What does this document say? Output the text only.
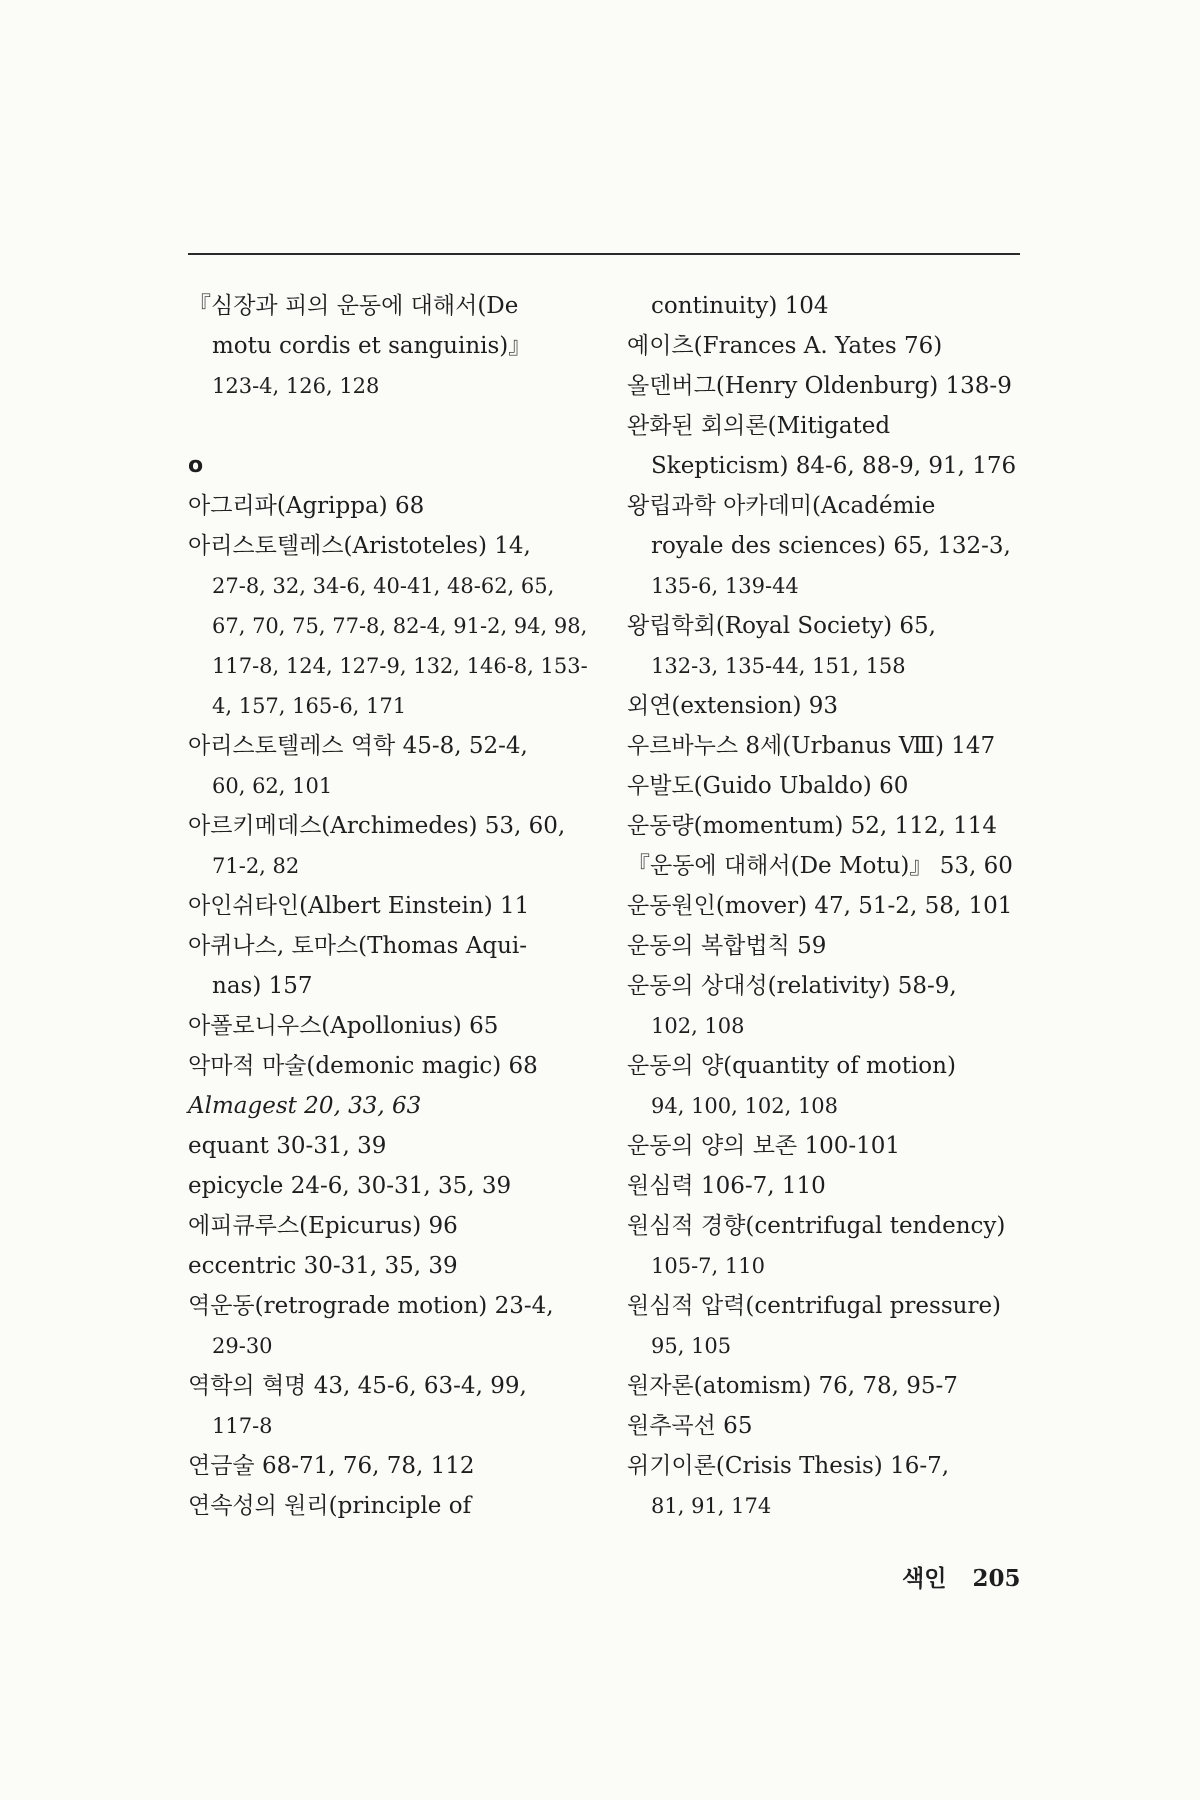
『심장과 피의 운동에 대해서(De
motu cordis et sanguinis)』
123-4, 126, 128
o
아그리파(Agrippa) 68
아리스토텔레스(Aristoteles) 14,
27-8, 32, 34-6, 40-41, 48-62, 65,
67, 70, 75, 77-8, 82-4, 91-2, 94, 98,
117-8, 124, 127-9, 132, 146-8, 153-
4, 157, 165-6, 171
아리스토텔레스 역학 45-8, 52-4,
60, 62, 101
아르키메데스(Archimedes) 53, 60,
71-2, 82
아인쉬타인(Albert Einstein) 11
아퀴나스, 토마스(Thomas Aqui-
nas) 157
아폴로니우스(Apollonius) 65
악마적 마술(demonic magic) 68
Almagest 20, 33, 63
equant 30-31, 39
epicycle 24-6, 30-31, 35, 39
에피큐루스(Epicurus) 96
eccentric 30-31, 35, 39
역운동(retrograde motion) 23-4,
29-30
역학의 혁명 43, 45-6, 63-4, 99,
117-8
연금술 68-71, 76, 78, 112
연속성의 원리(principle of
continuity) 104
예이츠(Frances A. Yates 76)
올덴버그(Henry Oldenburg) 138-9
완화된 회의론(Mitigated
Skepticism) 84-6, 88-9, 91, 176
왕립과학 아카데미(Académie
royale des sciences) 65, 132-3,
135-6, 139-44
왕립학회(Royal Society) 65,
132-3, 135-44, 151, 158
외연(extension) 93
우르바누스 8세(Urbanus Ⅷ) 147
우발도(Guido Ubaldo) 60
운동량(momentum) 52, 112, 114
『운동에 대해서(De Motu)』 53, 60
운동원인(mover) 47, 51-2, 58, 101
운동의 복합법칙 59
운동의 상대성(relativity) 58-9,
102, 108
운동의 양(quantity of motion)
94, 100, 102, 108
운동의 양의 보존 100-101
원심력 106-7, 110
원심적 경향(centrifugal tendency)
105-7, 110
원심적 압력(centrifugal pressure)
95, 105
원자론(atomism) 76, 78, 95-7
원추곡선 65
위기이론(Crisis Thesis) 16-7,
81, 91, 174
색인 205
